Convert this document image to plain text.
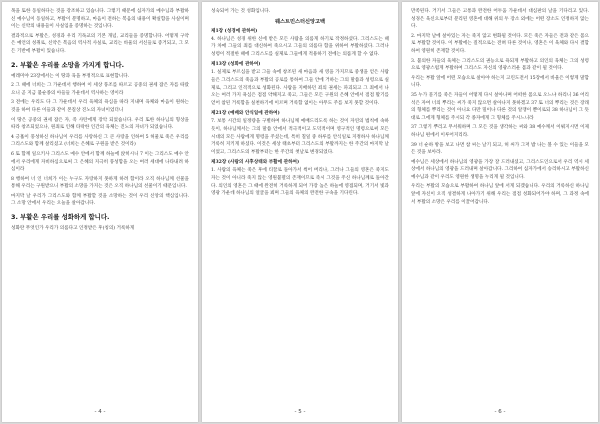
목을 또한 동일하다는 것을 강조하고 있습니다. 그렇기 때문에 십자가의 예수님과 부활하신 예수님이 동일하고, 부활이 분명하고, 마음이 전하는 복음의 내용이 확실함을 사실이며 이는 신약의 내용들이 사실임을 증명하는 것입니다.

결과적으로 부활은, 성경과 우리 기독교의 기본 개념, 교리들을 증명합니다. 어떻게 구약은 예언의 성취로, 신약은 복음의 역사적 사실로, 교리는 바울의 서신들로 증거되고, 그 모든 기반에 부활이 있습니다.

2. 부활은 우리를 소망을 가지게 합니다.

예레미야 23장에서는 이 땅과 육을 부정적으로 표현합니다.

2 그 때에 너희는 그 가운데서 행하여 이 세상 풍조를 따르고 공중의 권세 잡은 자를 따랐으니 곧 지금 불순종의 아들들 가운데서 역사하는 영이라

3 전에는 우리도 다 그 가운데서 우리 육체의 욕심을 따라 지내며 육체와 마음이 원하는 것을 하여 다른 이들과 같이 본질상 진노의 자녀이었더니

이 땅은 공중의 권세 잡은 자, 즉 사탄에게 장악 되었습니다. 우리 또한 하나님의 형상을 따라 창조되었으나, 원죄로 인해 타락한 인간의 육체는 진노의 자녀가 되었습니다.

4 긍휼이 풍성하신 하나님이 우리를 사랑하신 그 큰 사랑을 인하여 5 허물로 죽은 우리를 그리스도와 함께 살리셨고 (너희는 은혜로 구원을 받은 것이라)

6 또 함께 일으키사 그리스도 예수 안에서 함께 하늘에 앉히시니 7 이는 그리스도 예수 안에서 우리에게 자비하심으로써 그 은혜의 지극히 풍성함을 오는 여러 세대에 나타내려 하심이라

8 행하여 너 인 너희가 이는 누구도 자랑하지 못하게 하려 함이라 오직 하나님께 선물을 통해 우리는 구원받으니 부활의 소망을 가지는 것은 오직 하나님의 선물이기 때문입니다.

마지막 날 우리가 그리스도와 함께 부활할 것을 소망하는 것이 우리 신앙의 핵심입니다. 그 소망 안에서 우리는 오늘을 살아갑니다.

3. 부활은 우리를 성화하게 합니다.

성화란 무엇인가 우리가 의롭다고 인정받은 후(칭의) 거룩하게

- 4 -

성숙되어 가는 것 성화입니다.

웨스트민스터신앙고백
제1장 (성경에 관하여)

4. 하나님은 성경 위한 신에 받은 모든 사람을 의롭게 하기로 작정하셨다. 그리스도는 때가 차매 그들의 죄를 대신하여 죽으시고 그들의 의롭다 함을 위하여 부활하셨다. 그러나 성령이 적절한 때에 그리스도를 실제로 그들에게 적용하기 전에는 의롭게 할 수 없다.

제13장 (성화에 관하여)

1. 실제로 부르심을 받고 그들 속에 창조된 새 마음과 새 영을 가지므로 중생을 얻은 사람들은 그리스도의 죽음과 부활의 공로를 통하여 그들 안에 거하는 그의 말씀과 성령으로 실제로, 그리고 인격적으로 성화된다. 사람을 지배하던 죄의 권세는 파괴되고 그 죄에서 나오는 여러 가지 욕심은 점점 약해지고 죽고, 그들은 모든 구원의 은혜 안에서 점점 활기를 얻어 참된 거룩함을 실천하기에 이르며 거룩함 없이는 아무도 주를 보지 못할 것이다.

제21장 (예배와 안식일에 관하여)

7. 보통 시간의 일정량을 구별하여 하나님께 예배드리도록 하는 것이 자연의 법칙에 속하듯이, 하나님께서는 그의 말씀 안에서 적극적이고 도덕적이며 영구적인 명령으로써 모든 시대의 모든 사람에게 명령을 주셨는데, 특히 칠일 중 하루를 안식일로 지정하사 하나님께 거룩히 지키게 하셨다. 이것은 세상 태초부터 그리스도의 부활까지는 한 주간의 마지막 날이었고, 그리스도의 부활부터는 한 주간의 첫날로 변경되었다.

제32장 (사람의 사후상태와 부활에 관하여)

1. 사람의 육체는 죽은 후에 티끌로 돌아가서 썩어 버리나, 그러나 그들의 영혼은 죽지도 자는 것이 아니라 죽지 않는 영원불멸의 존재이므로 즉시 그것을 주신 하나님께로 돌아간다. 의인의 영혼은 그 때에 완전히 거룩하게 되어 가장 높은 하늘에 영접되며, 거기서 빛과 영광 가운데 하나님의 얼굴을 뵈며 그들의 육체의 완전한 구속을 기다린다.

- 5 -

만족된다. 거기서 그들은 고통과 완전한 어두움 가운데서 대심판의 날을 기다리고 있다. 성경은 육신으로부터 분리된 영혼에 대해 위의 두 장소 외에는 어떤 장소도 인정하지 않는다.

2. 마지막 날에 살아있는 자는 죽지 않고 변화될 것이다. 모든 죽은 자들은 전과 같은 몸으로 부활할 것이다. 이 부활에는 질적으로는 전혀 다른 것이나, 영혼은 이 육체와 다시 결합하여 영원히 존재할 것이다.

3. 불의한 자들의 육체는 그리스도의 권능으로 욕되게 부활하고 의인의 육체는 그의 성령으로 영광스럽게 부활하여 그리스도 자신의 영광스러운 몸과 같이 될 것이다.

우리는 부활 앞에 어떤 모습으로 살아야 하는지 고린도전서 15장에서 바울은 이렇게 말합니다.

35 누가 묻기를 죽은 자들이 어떻게 다시 살아나며 어떠한 몸으로 오느냐 하리니 36 어리석은 자여 너의 뿌리는 씨가 죽지 않으면 살아나지 못하겠고 37 또 너의 뿌리는 것은 장래의 형체를 뿌리는 것이 아니요 다만 밀이나 다른 것의 알갱이 뿐이로되 38 하나님이 그 뜻대로 그에게 형체를 주시되 각 종자에게 그 형체를 주시느니라

37 그렇기 뿌리고 무서워하며 그 모든 것을 생각하는 씨와 38 예수께서 이뤄지시면 이제 하나님 편에서 이루어지리라.

39 너 순하 방을 보고 나면 참 씨는 날기 되고, 허 씨가 그저 밥 나는 볼 수 있는 이들을 모든 것을 보아라.

예수님은 세상에서 하나님의 영광을 가장 잘 드러내셨고, 그리스도인으로서 우리 역시 세상에서 하나님의 영광을 드러내며 살아갑니다. 그리하여 십자가에서 승리하시고 부활하신 예수님과 같이 우리도 영원한 생명을 누리게 될 것입니다.

우리는 부활의 모습으로 부활하여 하나님 앞에 서게 되겠습니다. 우리의 거룩하신 하나님 앞에 자신이 오직 성결하게 나아가기 위해 우리는 점점 성화되어가야 하며, 그 과정 속에서 부활의 소망은 우리를 이끌어갑니다.

- 6 -
